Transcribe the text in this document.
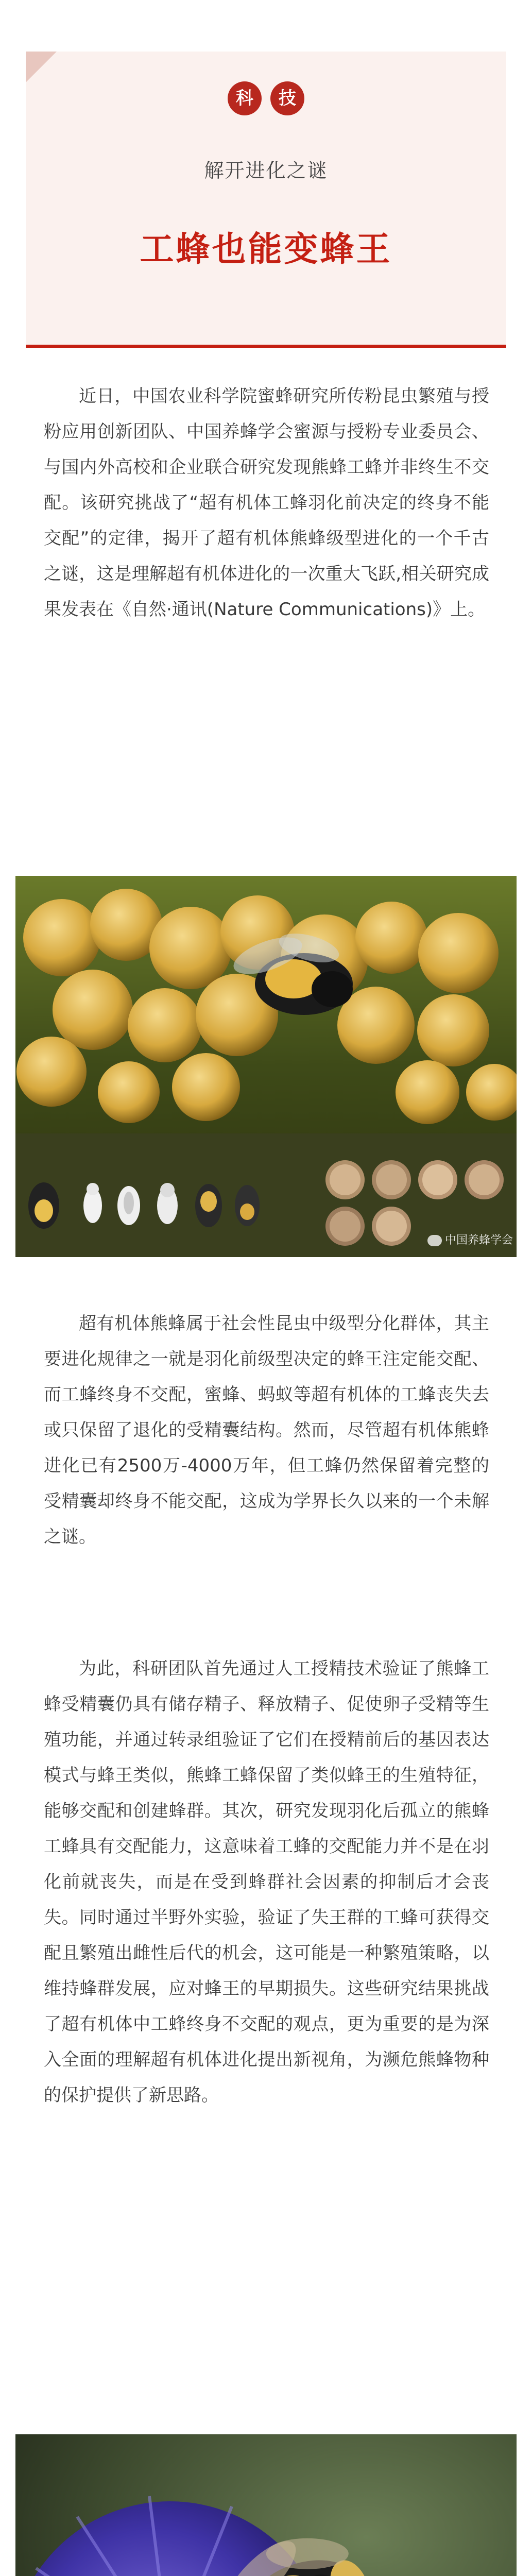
科 技
解开进化之谜
工蜂也能变蜂王

近日，中国农业科学院蜜蜂研究所传粉昆虫繁殖与授粉应用创新团队、中国养蜂学会蜜源与授粉专业委员会、与国内外高校和企业联合研究发现熊蜂工蜂并非终生不交配。该研究挑战了“超有机体工蜂羽化前决定的终身不能交配”的定律，揭开了超有机体熊蜂级型进化的一个千古之谜，这是理解超有机体进化的一次重大飞跃,相关研究成果发表在《自然·通讯(Nature Communications)》上。

中国养蜂学会

超有机体熊蜂属于社会性昆虫中级型分化群体，其主要进化规律之一就是羽化前级型决定的蜂王注定能交配、而工蜂终身不交配，蜜蜂、蚂蚁等超有机体的工蜂丧失去或只保留了退化的受精囊结构。然而，尽管超有机体熊蜂进化已有2500万-4000万年，但工蜂仍然保留着完整的受精囊却终身不能交配，这成为学界长久以来的一个未解之谜。

为此，科研团队首先通过人工授精技术验证了熊蜂工蜂受精囊仍具有储存精子、释放精子、促使卵子受精等生殖功能，并通过转录组验证了它们在授精前后的基因表达模式与蜂王类似，熊蜂工蜂保留了类似蜂王的生殖特征，能够交配和创建蜂群。其次，研究发现羽化后孤立的熊蜂工蜂具有交配能力，这意味着工蜂的交配能力并不是在羽化前就丧失，而是在受到蜂群社会因素的抑制后才会丧失。同时通过半野外实验，验证了失王群的工蜂可获得交配且繁殖出雌性后代的机会，这可能是一种繁殖策略，以维持蜂群发展，应对蜂王的早期损失。这些研究结果挑战了超有机体中工蜂终身不交配的观点，更为重要的是为深入全面的理解超有机体进化提出新视角，为濒危熊蜂物种的保护提供了新思路。
